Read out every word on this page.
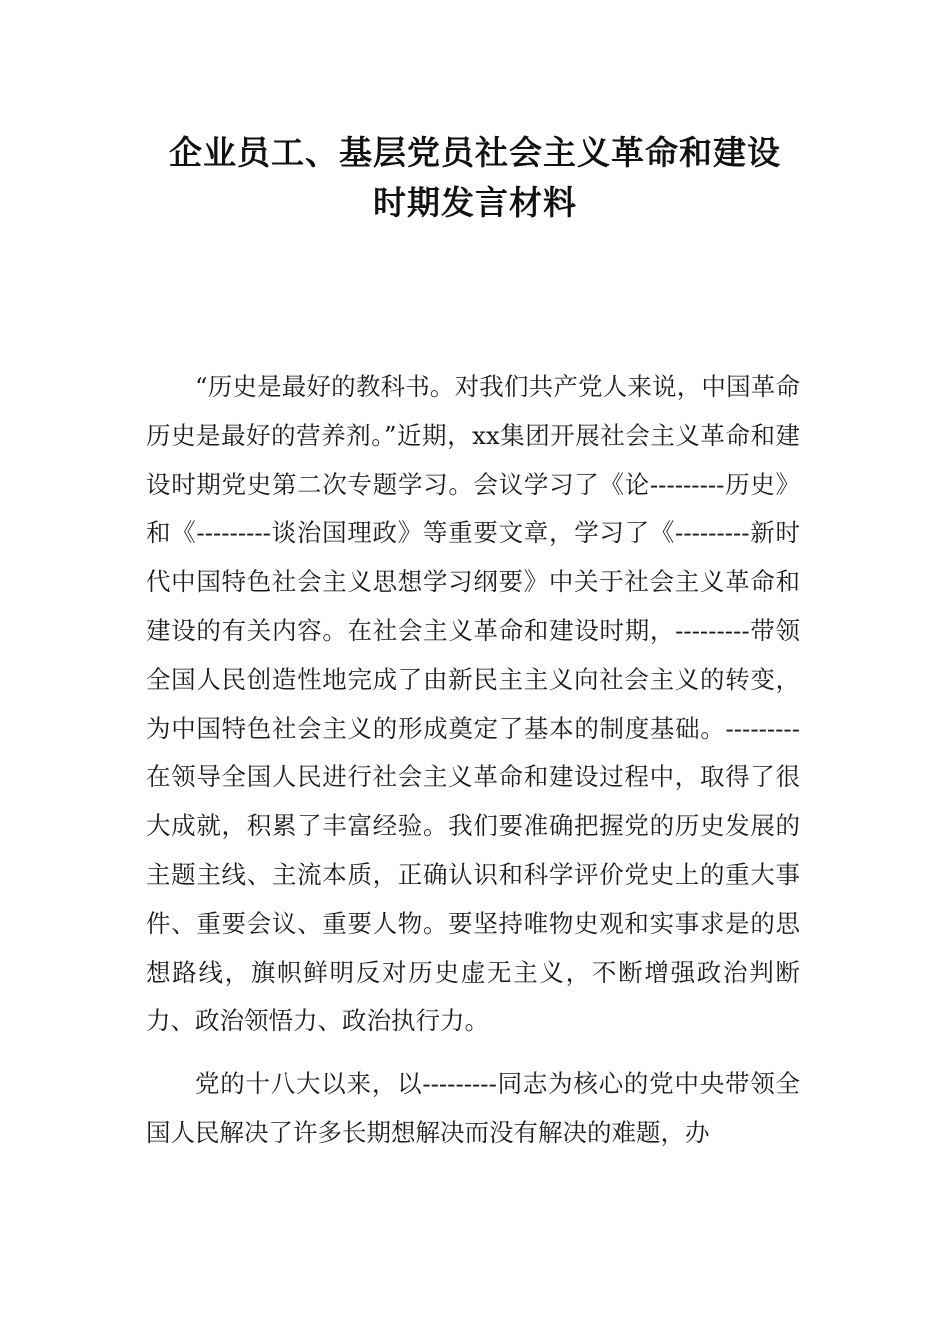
企业员工、基层党员社会主义革命和建设
时期发言材料

“历史是最好的教科书。对我们共产党人来说，中国革命历史是最好的营养剂。”近期，xx集团开展社会主义革命和建设时期党史第二次专题学习。会议学习了《论---------历史》和《---------谈治国理政》等重要文章，学习了《---------新时代中国特色社会主义思想学习纲要》中关于社会主义革命和建设的有关内容。在社会主义革命和建设时期，---------带领全国人民创造性地完成了由新民主主义向社会主义的转变，为中国特色社会主义的形成奠定了基本的制度基础。---------在领导全国人民进行社会主义革命和建设过程中，取得了很大成就，积累了丰富经验。我们要准确把握党的历史发展的主题主线、主流本质，正确认识和科学评价党史上的重大事件、重要会议、重要人物。要坚持唯物史观和实事求是的思想路线，旗帜鲜明反对历史虚无主义，不断增强政治判断力、政治领悟力、政治执行力。

党的十八大以来，以---------同志为核心的党中央带领全国人民解决了许多长期想解决而没有解决的难题，办
